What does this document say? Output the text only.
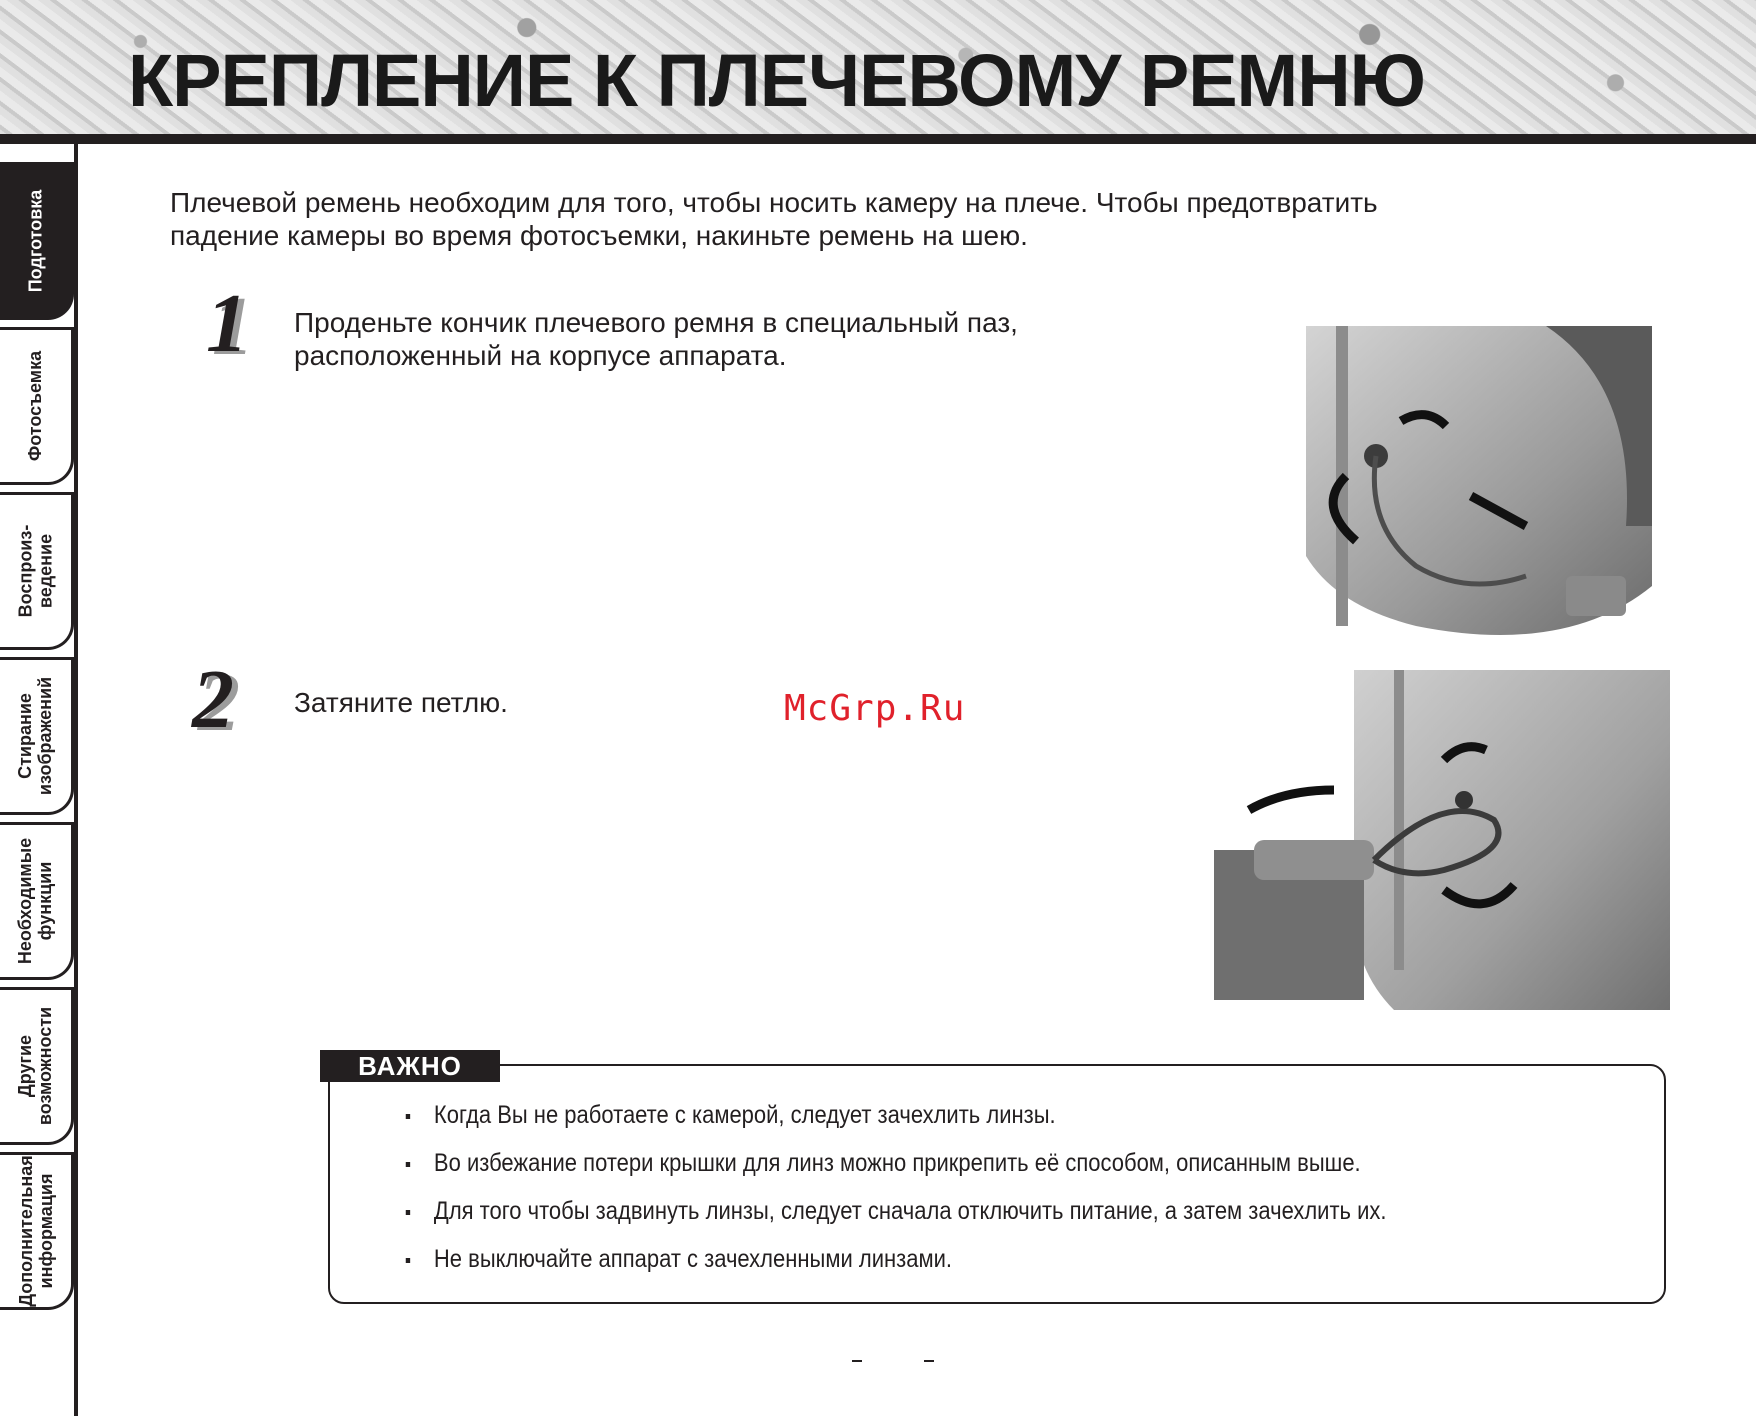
КРЕПЛЕНИЕ К ПЛЕЧЕВОМУ РЕМНЮ
Подготовка
Фотосъемка
Воспроиз-
ведение
Стирание
изображений
Необходимые
функции
Другие
возможности
Дополнительная
информация

Плечевой ремень необходим для того, чтобы носить камеру на плече. Чтобы предотвратить падение камеры во время фотосъемки, накиньте ремень на шею.

1 Проденьте кончик плечевого ремня в специальный паз, расположенный на корпусе аппарата.

2 Затяните петлю.	McGrp.Ru
ВАЖНО
Когда Вы не работаете с камерой, следует зачехлить линзы.
Во избежание потери крышки для линз можно прикрепить её способом, описанным выше.
Для того чтобы задвинуть линзы, следует сначала отключить питание, а затем зачехлить их.
Не выключайте аппарат с зачехленными линзами.
